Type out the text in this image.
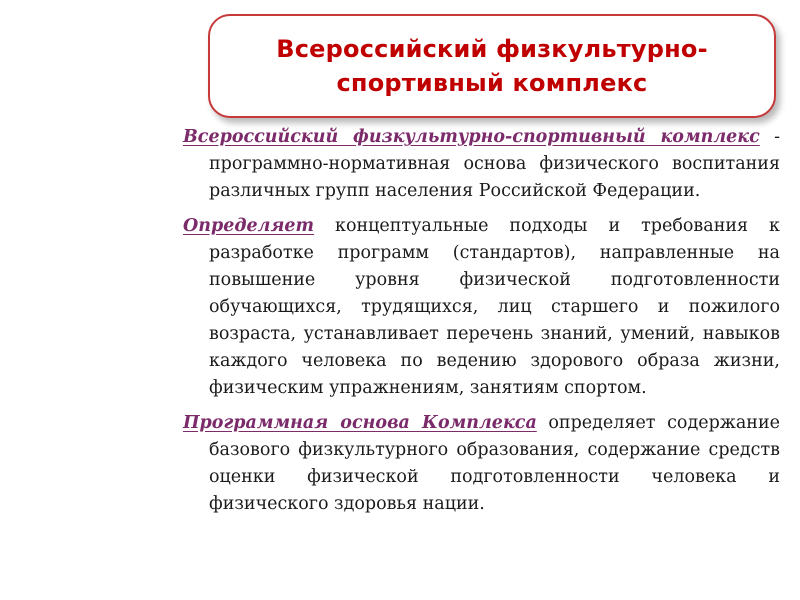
Всероссийский физкультурно-
спортивный комплекс

Всероссийский физкультурно-спортивный комплекс - программно-нормативная основа физического воспитания различных групп населения Российской Федерации.

Определяет концептуальные подходы и требования к разработке программ (стандартов), направленные на повышение уровня физической подготовленности обучающихся, трудящихся, лиц старшего и пожилого возраста, устанавливает перечень знаний, умений, навыков каждого человека по ведению здорового образа жизни, физическим упражнениям, занятиям спортом.

Программная основа Комплекса определяет содержание базового физкультурного образования, содержание средств оценки физической подготовленности человека и физического здоровья нации.
